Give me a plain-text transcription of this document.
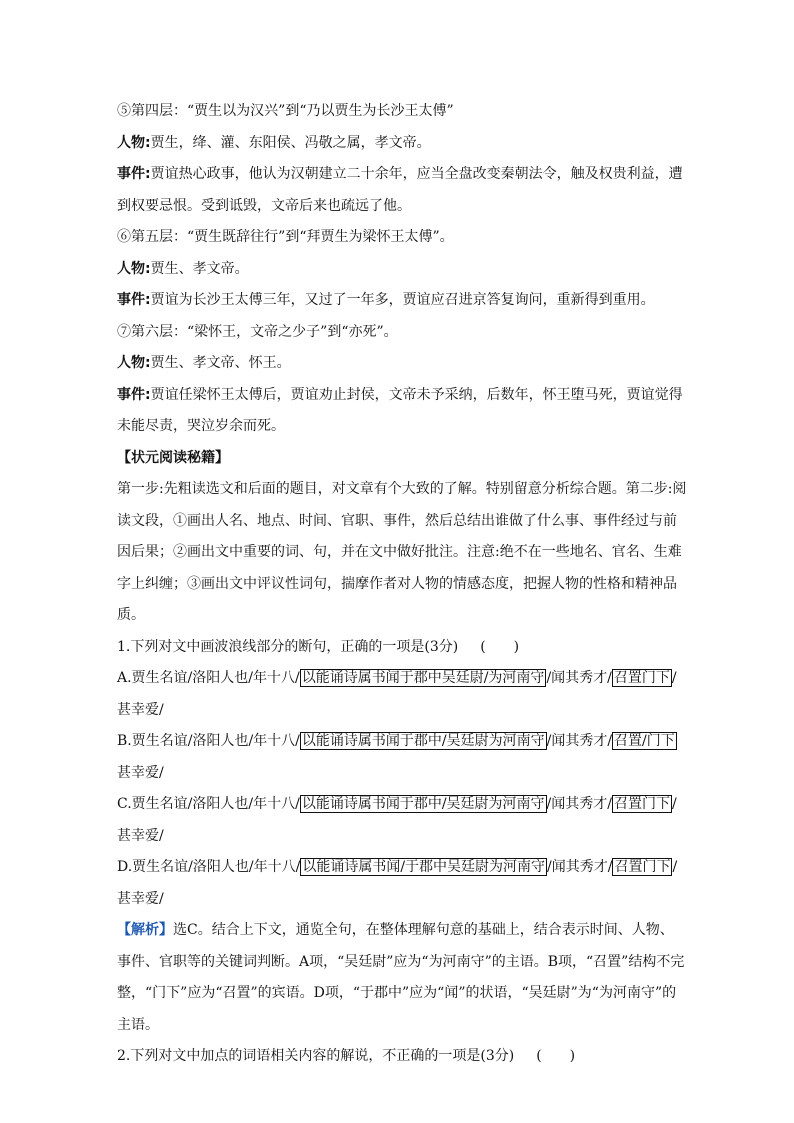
⑤第四层：“贾生以为汉兴”到“乃以贾生为长沙王太傅”
人物:贾生，绛、灌、东阳侯、冯敬之属，孝文帝。
事件:贾谊热心政事，他认为汉朝建立二十余年，应当全盘改变秦朝法令，触及权贵利益，遭到权要忌恨。受到诋毁，文帝后来也疏远了他。
⑥第五层：“贾生既辞往行”到“拜贾生为梁怀王太傅”。
人物:贾生、孝文帝。
事件:贾谊为长沙王太傅三年，又过了一年多，贾谊应召进京答复询问，重新得到重用。
⑦第六层：“梁怀王，文帝之少子”到“亦死”。
人物:贾生、孝文帝、怀王。
事件:贾谊任梁怀王太傅后，贾谊劝止封侯，文帝未予采纳，后数年，怀王堕马死，贾谊觉得未能尽责，哭泣岁余而死。
【状元阅读秘籍】
第一步:先粗读选文和后面的题目，对文章有个大致的了解。特别留意分析综合题。第二步:阅读文段，①画出人名、地点、时间、官职、事件，然后总结出谁做了什么事、事件经过与前因后果；②画出文中重要的词、句，并在文中做好批注。注意:绝不在一些地名、官名、生难字上纠缠；③画出文中评议性词句，揣摩作者对人物的情感态度，把握人物的性格和精神品质。
1.下列对文中画波浪线部分的断句，正确的一项是(3分) (　　)
A.贾生名谊/洛阳人也/年十八/ 以能诵诗属书闻于郡中吴廷尉/为河南守 /闻其秀才/ 召置门下 /
甚幸爱/
B.贾生名谊/洛阳人也/年十八/ 以能诵诗属书闻于郡中/吴廷尉为河南守 /闻其秀才/ 召置/门下
甚幸爱/
C.贾生名谊/洛阳人也/年十八/ 以能诵诗属书闻于郡中/吴廷尉为河南守 /闻其秀才/ 召置门下 /
甚幸爱/
D.贾生名谊/洛阳人也/年十八/ 以能诵诗属书闻/于郡中吴廷尉为河南守 /闻其秀才/ 召置门下 /
甚幸爱/
【解析】选C。结合上下文，通览全句，在整体理解句意的基础上，结合表示时间、人物、事件、官职等的关键词判断。A项，“吴廷尉”应为“为河南守”的主语。B项，“召置”结构不完整，“门下”应为“召置”的宾语。D项，“于郡中”应为“闻”的状语，“吴廷尉”为“为河南守”的主语。
2.下列对文中加点的词语相关内容的解说，不正确的一项是(3分) (　　)
